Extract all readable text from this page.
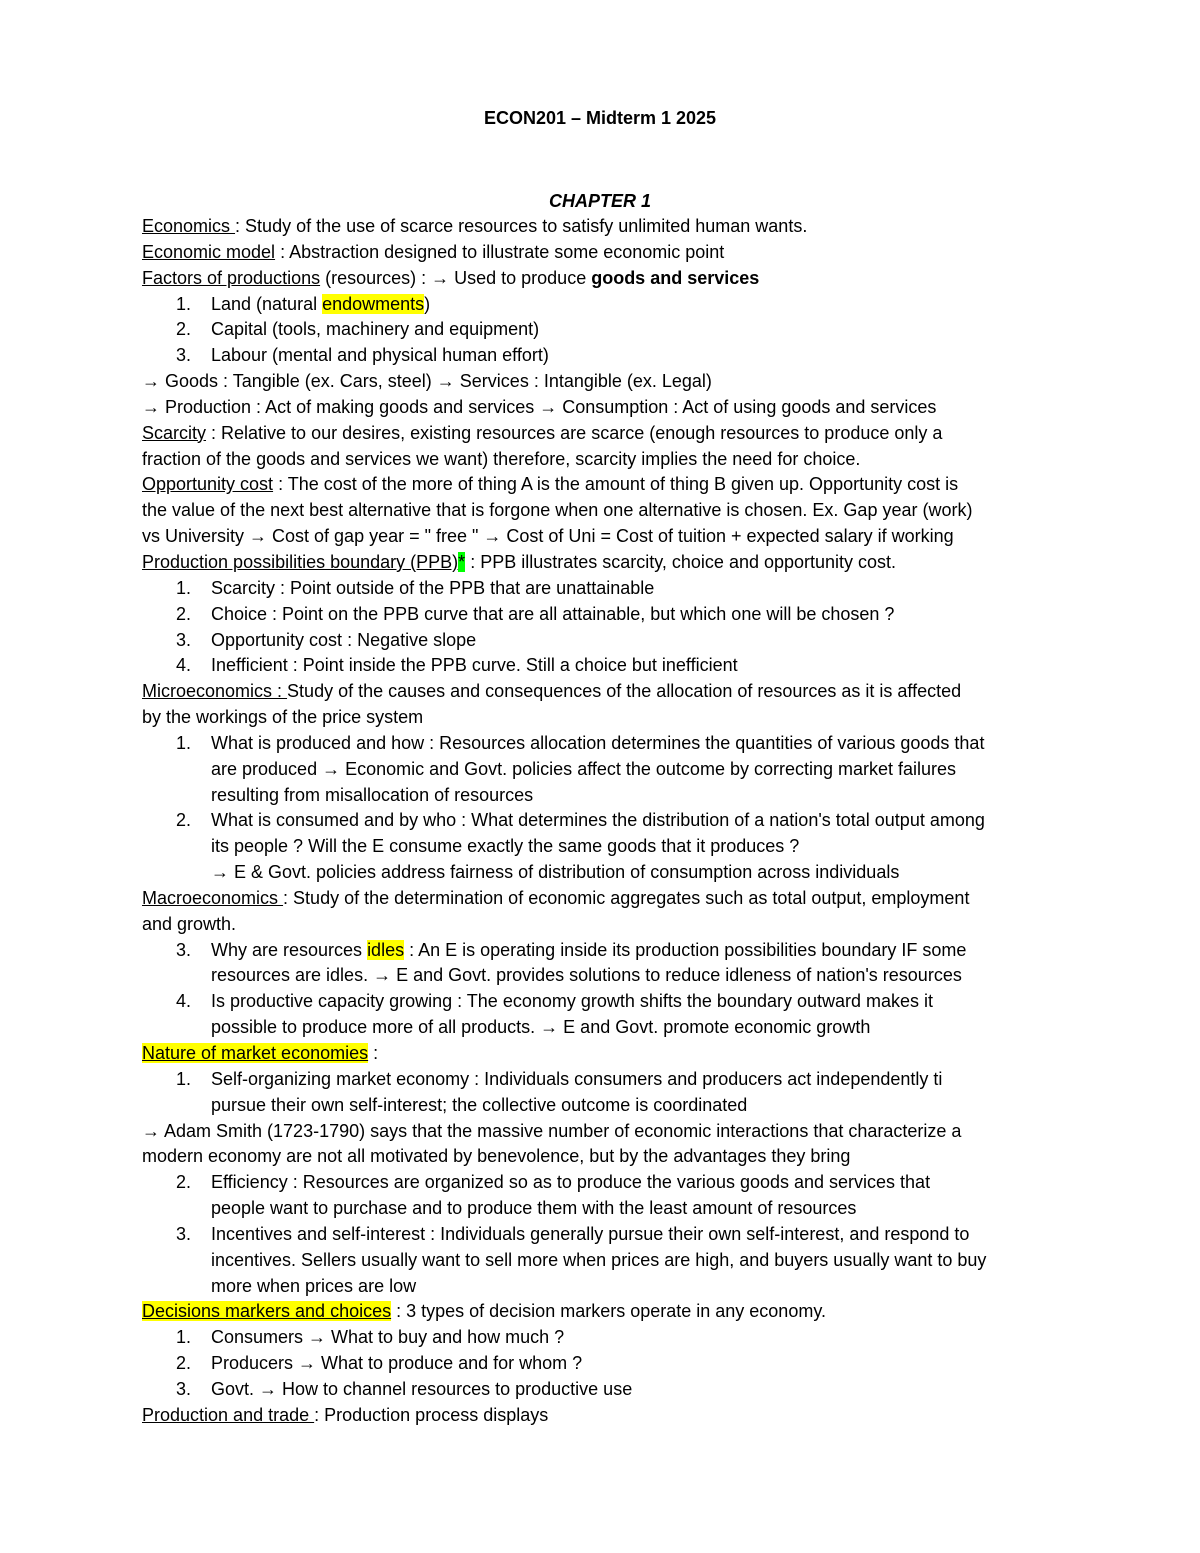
ECON201 – Midterm 1 2025
CHAPTER 1
Economics : Study of the use of scarce resources to satisfy unlimited human wants.
Economic model : Abstraction designed to illustrate some economic point
Factors of productions (resources) : → Used to produce goods and services
1. Land (natural endowments)
2. Capital (tools, machinery and equipment)
3. Labour (mental and physical human effort)
→ Goods : Tangible (ex. Cars, steel) → Services : Intangible (ex. Legal)
→ Production : Act of making goods and services → Consumption : Act of using goods and services
Scarcity : Relative to our desires, existing resources are scarce (enough resources to produce only a
fraction of the goods and services we want) therefore, scarcity implies the need for choice.
Opportunity cost : The cost of the more of thing A is the amount of thing B given up. Opportunity cost is
the value of the next best alternative that is forgone when one alternative is chosen. Ex. Gap year (work)
vs University → Cost of gap year = " free " → Cost of Uni = Cost of tuition + expected salary if working
Production possibilities boundary (PPB)* : PPB illustrates scarcity, choice and opportunity cost.
1. Scarcity : Point outside of the PPB that are unattainable
2. Choice : Point on the PPB curve that are all attainable, but which one will be chosen ?
3. Opportunity cost : Negative slope
4. Inefficient : Point inside the PPB curve. Still a choice but inefficient
Microeconomics : Study of the causes and consequences of the allocation of resources as it is affected
by the workings of the price system
1. What is produced and how : Resources allocation determines the quantities of various goods that
are produced → Economic and Govt. policies affect the outcome by correcting market failures
resulting from misallocation of resources
2. What is consumed and by who : What determines the distribution of a nation's total output among
its people ? Will the E consume exactly the same goods that it produces ?
→ E & Govt. policies address fairness of distribution of consumption across individuals
Macroeconomics : Study of the determination of economic aggregates such as total output, employment
and growth.
3. Why are resources idles : An E is operating inside its production possibilities boundary IF some
resources are idles. → E and Govt. provides solutions to reduce idleness of nation's resources
4. Is productive capacity growing : The economy growth shifts the boundary outward makes it
possible to produce more of all products. → E and Govt. promote economic growth
Nature of market economies :
1. Self-organizing market economy : Individuals consumers and producers act independently ti
pursue their own self-interest; the collective outcome is coordinated
→ Adam Smith (1723-1790) says that the massive number of economic interactions that characterize a
modern economy are not all motivated by benevolence, but by the advantages they bring
2. Efficiency : Resources are organized so as to produce the various goods and services that
people want to purchase and to produce them with the least amount of resources
3. Incentives and self-interest : Individuals generally pursue their own self-interest, and respond to
incentives. Sellers usually want to sell more when prices are high, and buyers usually want to buy
more when prices are low
Decisions markers and choices : 3 types of decision markers operate in any economy.
1. Consumers → What to buy and how much ?
2. Producers → What to produce and for whom ?
3. Govt. → How to channel resources to productive use
Production and trade : Production process displays
